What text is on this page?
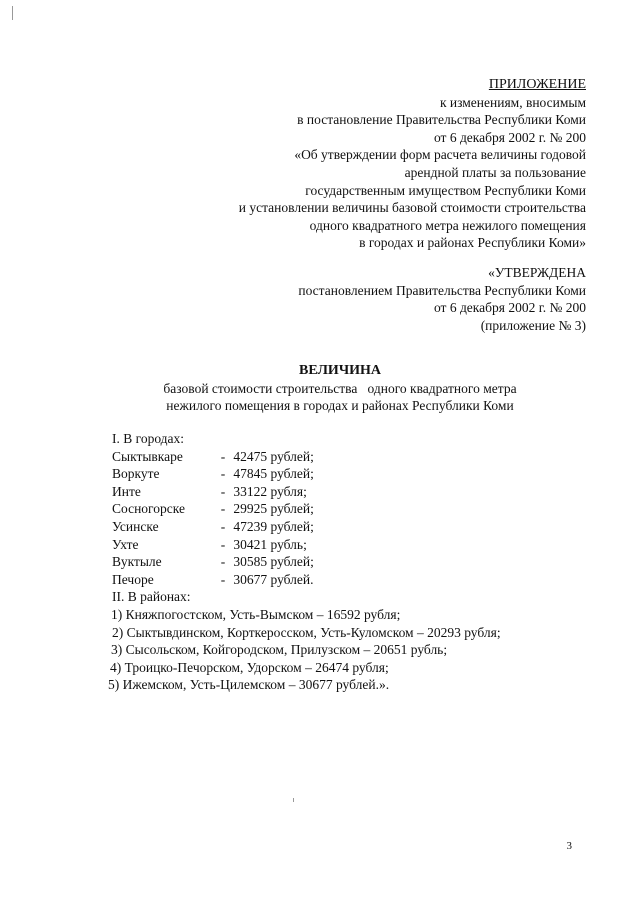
ПРИЛОЖЕНИЕ
к изменениям, вносимым
в постановление Правительства Республики Коми
от 6 декабря 2002 г. № 200
«Об утверждении форм расчета величины годовой
арендной платы за пользование
государственным имуществом Республики Коми
и установлении величины базовой стоимости строительства
одного квадратного метра нежилого помещения
в городах и районах Республики Коми»
«УТВЕРЖДЕНА
постановлением Правительства Республики Коми
от 6 декабря 2002 г. № 200
(приложение № 3)
ВЕЛИЧИНА
базовой стоимости строительства   одного квадратного метра
нежилого помещения в городах и районах Республики Коми
I. В городах:
Сыктывкаре	- 42475 рублей;
Воркуте	- 47845 рублей;
Инте	- 33122 рубля;
Сосногорске	- 29925 рублей;
Усинске	- 47239 рублей;
Ухте	- 30421 рубль;
Вуктыле	- 30585 рублей;
Печоре	- 30677 рублей.
II. В районах:
1) Княжпогостском, Усть-Вымском – 16592 рубля;
2) Сыктывдинском, Корткеросском, Усть-Куломском – 20293 рубля;
3) Сысольском, Койгородском, Прилузском – 20651 рубль;
4) Троицко-Печорском, Удорском – 26474 рубля;
5) Ижемском, Усть-Цилемском – 30677 рублей.».
3
